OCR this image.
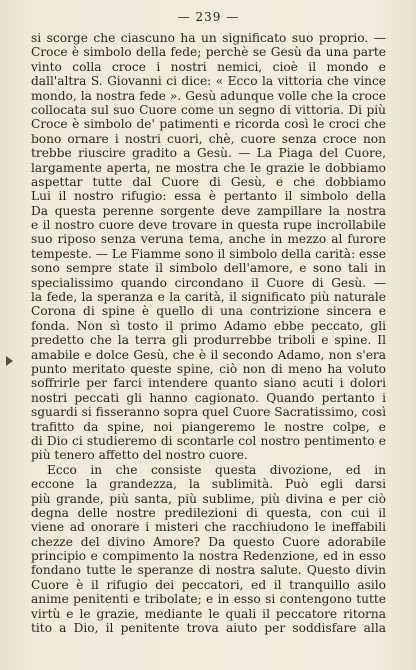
— 239 —
si scorge che ciascuno ha un significato suo proprio. —
Croce è simbolo della fede; perchè se Gesù da una parte
vinto colla croce i nostri nemici, cioè il mondo e
dall'altra S. Giovanni ci dice: « Ecco la vittoria che vince
mondo, la nostra fede ». Gesù adunque volle che la croce
collocata sul suo Cuore come un segno di vittoria. Di più
Croce è simbolo de' patimenti e ricorda così le croci che
bono ornare i nostri cuori, chè, cuore senza croce non
trebbe riuscire gradito a Gesù. — La Piaga del Cuore,
largamente aperta, ne mostra che le grazie le dobbiamo
aspettar tutte dal Cuore di Gesù, e che dobbiamo
Lui il nostro rifugio: essa è pertanto il simbolo della
Da questa perenne sorgente deve zampillare la nostra
e il nostro cuore deve trovare in questa rupe incrollabile
suo riposo senza veruna tema, anche in mezzo al furore
tempeste. — Le Fiamme sono il simbolo della carità: esse
sono sempre state il simbolo dell'amore, e sono tali in
specialissimo quando circondano il Cuore di Gesù. —
la fede, la speranza e la carità, il significato più naturale
Corona di spine è quello di una contrizione sincera e
fonda. Non sì tosto il primo Adamo ebbe peccato, gli
predetto che la terra gli produrrebbe triboli e spine. Il
amabile e dolce Gesù, che è il secondo Adamo, non s'era
punto meritato queste spine, ciò non di meno ha voluto
soffrirle per farci intendere quanto siano acuti i dolori
nostri peccati gli hanno cagionato. Quando pertanto i
sguardi si fisseranno sopra quel Cuore Sacratissimo, così
trafitto da spine, noi piangeremo le nostre colpe, e
di Dio ci studieremo di scontarle col nostro pentimento e
più tenero affetto del nostro cuore.
Ecco in che consiste questa divozione, ed in
eccone la grandezza, la sublimità. Può egli darsi
più grande, più santa, più sublime, più divina e per ciò
degna delle nostre predilezioni di questa, con cui il
viene ad onorare i misteri che racchiudono le ineffabili
chezze del divino Amore? Da questo Cuore adorabile
principio e compimento la nostra Redenzione, ed in esso
fondano tutte le speranze di nostra salute. Questo divin
Cuore è il rifugio dei peccatori, ed il tranquillo asilo
anime penitenti e tribolate; e in esso si contengono tutte
virtù e le grazie, mediante le quali il peccatore ritorna
tito a Dio, il penitente trova aiuto per soddisfare alla
